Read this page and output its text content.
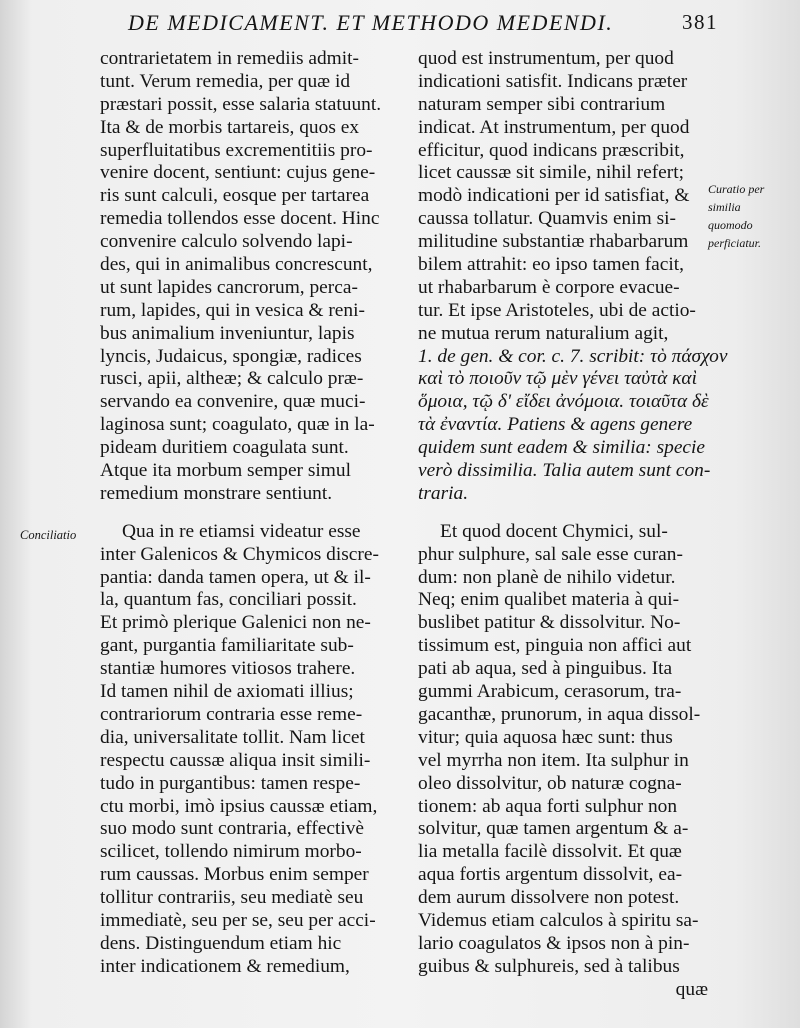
DE MEDICAMENT. ET METHODO MEDENDI.	381
Conciliatio
Curatio per
similia
quomodo
perficiatur.
contrarietatem in remediis admit-
tunt. Verum remedia, per quæ id
præstari possit, esse salaria statuunt.
Ita & de morbis tartareis, quos ex
superfluitatibus excrementitiis pro-
venire docent, sentiunt: cujus gene-
ris sunt calculi, eosque per tartarea
remedia tollendos esse docent. Hinc
convenire calculo solvendo lapi-
des, qui in animalibus concrescunt,
ut sunt lapides cancrorum, perca-
rum, lapides, qui in vesica & reni-
bus animalium inveniuntur, lapis
lyncis, Judaicus, spongiæ, radices
rusci, apii, altheæ; & calculo præ-
servando ea convenire, quæ muci-
laginosa sunt; coagulato, quæ in la-
pideam duritiem coagulata sunt.
Atque ita morbum semper simul
remedium monstrare sentiunt.
Qua in re etiamsi videatur esse
inter Galenicos & Chymicos discre-
pantia: danda tamen opera, ut & il-
la, quantum fas, conciliari possit.
Et primò plerique Galenici non ne-
gant, purgantia familiaritate sub-
stantiæ humores vitiosos trahere.
Id tamen nihil de axiomati illius;
contrariorum contraria esse reme-
dia, universalitate tollit. Nam licet
respectu caussæ aliqua insit simili-
tudo in purgantibus: tamen respe-
ctu morbi, imò ipsius caussæ etiam,
suo modo sunt contraria, effectivè
scilicet, tollendo nimirum morbo-
rum caussas. Morbus enim semper
tollitur contrariis, seu mediatè seu
immediatè, seu per se, seu per acci-
dens. Distinguendum etiam hic
inter indicationem & remedium,
quod est instrumentum, per quod
indicationi satisfit. Indicans præter
naturam semper sibi contrarium
indicat. At instrumentum, per quod
efficitur, quod indicans præscribit,
licet caussæ sit simile, nihil refert;
modò indicationi per id satisfiat, &
caussa tollatur. Quamvis enim si-
militudine substantiæ rhabarbarum
bilem attrahit: eo ipso tamen facit,
ut rhabarbarum è corpore evacue-
tur. Et ipse Aristoteles, ubi de actio-
ne mutua rerum naturalium agit,
1. de gen. & cor. c. 7. scribit: τὸ πάσχον
καὶ τὸ ποιοῦν τῷ μὲν γένει ταὐτὰ καὶ
ὅμοια, τῷ δ' εἴδει ἀνόμοια. τοιαῦτα δὲ
τὰ ἐναντία. Patiens & agens genere
quidem sunt eadem & similia: specie
verò dissimilia. Talia autem sunt con-
traria.
Et quod docent Chymici, sul-
phur sulphure, sal sale esse curan-
dum: non planè de nihilo videtur.
Neq; enim qualibet materia à qui-
buslibet patitur & dissolvitur. No-
tissimum est, pinguia non affici aut
pati ab aqua, sed à pinguibus. Ita
gummi Arabicum, cerasorum, tra-
gacanthæ, prunorum, in aqua dissol-
vitur; quia aquosa hæc sunt: thus
vel myrrha non item. Ita sulphur in
oleo dissolvitur, ob naturæ cogna-
tionem: ab aqua forti sulphur non
solvitur, quæ tamen argentum & a-
lia metalla facilè dissolvit. Et quæ
aqua fortis argentum dissolvit, ea-
dem aurum dissolvere non potest.
Videmus etiam calculos à spiritu sa-
lario coagulatos & ipsos non à pin-
guibus & sulphureis, sed à talibus
quæ
